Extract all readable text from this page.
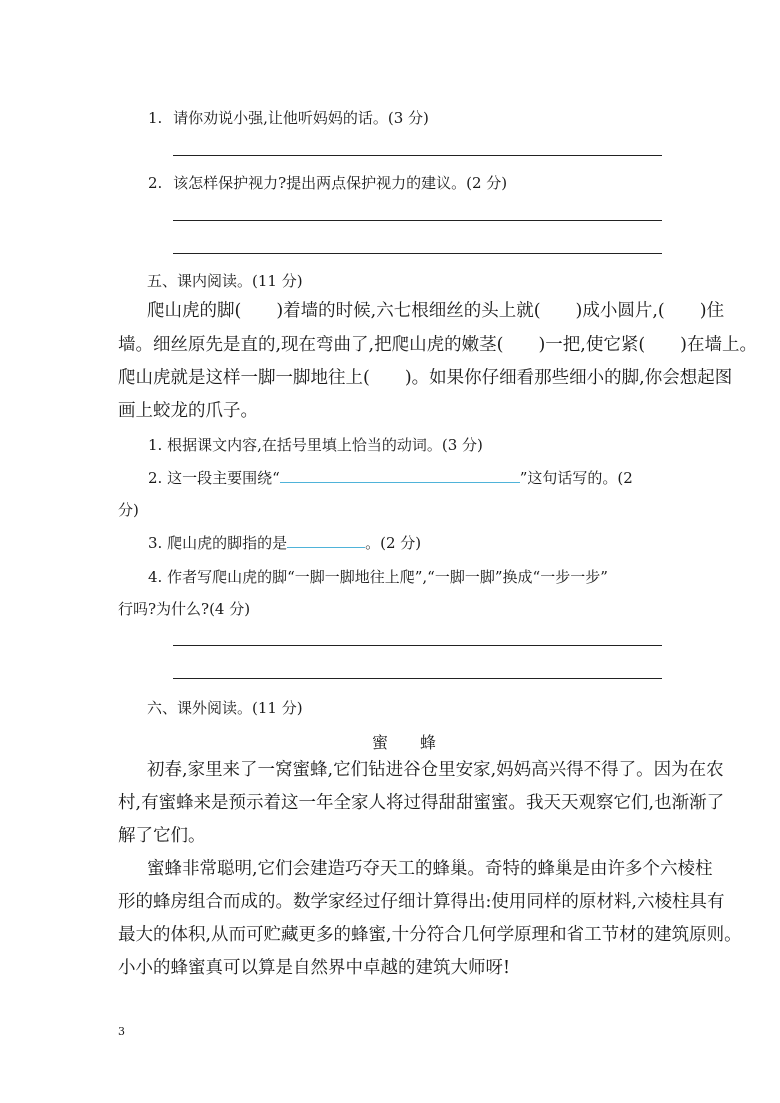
1. 请你劝说小强,让他听妈妈的话。(3 分)
2. 该怎样保护视力?提出两点保护视力的建议。(2 分)
五、课内阅读。(11 分)
爬山虎的脚(　　)着墙的时候,六七根细丝的头上就(　　)成小圆片,(　　)住
墙。细丝原先是直的,现在弯曲了,把爬山虎的嫩茎(　　)一把,使它紧(　　)在墙上。
爬山虎就是这样一脚一脚地往上(　　)。如果你仔细看那些细小的脚,你会想起图
画上蛟龙的爪子。
1. 根据课文内容,在括号里填上恰当的动词。(3 分)
2. 这一段主要围绕“	”这句话写的。(2
分)
3. 爬山虎的脚指的是	。(2 分)
4. 作者写爬山虎的脚“一脚一脚地往上爬”,“一脚一脚”换成“一步一步”
行吗?为什么?(4 分)
六、课外阅读。(11 分)
蜜　　蜂
初春,家里来了一窝蜜蜂,它们钻进谷仓里安家,妈妈高兴得不得了。因为在农
村,有蜜蜂来是预示着这一年全家人将过得甜甜蜜蜜。我天天观察它们,也渐渐了
解了它们。
蜜蜂非常聪明,它们会建造巧夺天工的蜂巢。奇特的蜂巢是由许多个六棱柱
形的蜂房组合而成的。数学家经过仔细计算得出:使用同样的原材料,六棱柱具有
最大的体积,从而可贮藏更多的蜂蜜,十分符合几何学原理和省工节材的建筑原则。
小小的蜂蜜真可以算是自然界中卓越的建筑大师呀!
3
